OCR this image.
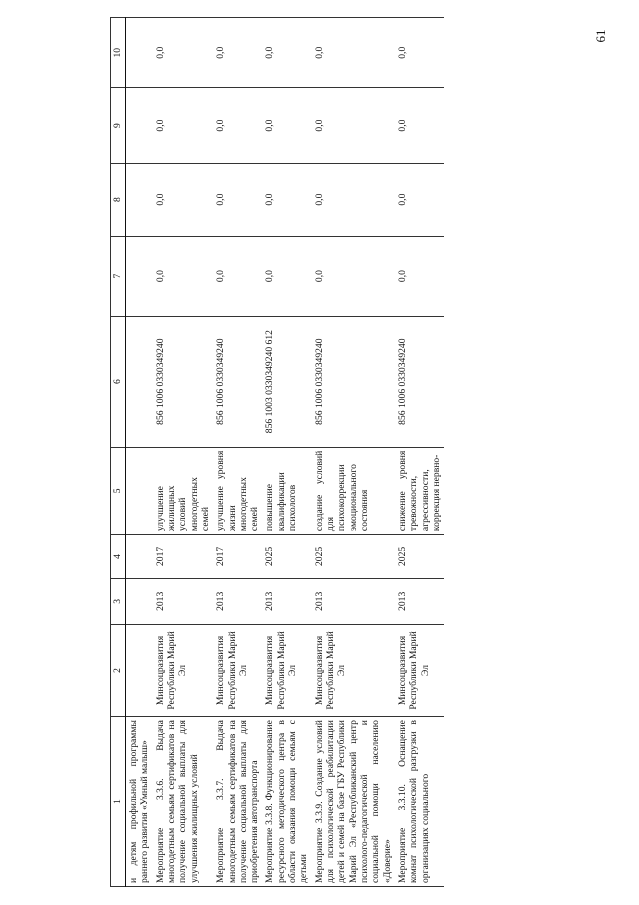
61
1	2	3	4	5	6	7	8	9	10
и детям профильной программы раннего развития «Умный малыш»									
Мероприятие 3.3.6. Выдача многодетным семьям сертификатов на получение социальной выплаты для улучшения жилищных условий	Минсоцразвития Республики Марий Эл	2013	2017	улучшение жилищных условий многодетных семей	856 1006 0330349240	0,0	0,0	0,0	0,0
Мероприятие 3.3.7. Выдача многодетным семьям сертификатов на получение социальной выплаты для приобретения автотранспорта	Минсоцразвития Республики Марий Эл	2013	2017	улучшение уровня жизни многодетных семей	856 1006 0330349240	0,0	0,0	0,0	0,0
Мероприятие 3.3.8. Функционирование ресурсного методического центра в области оказания помощи семьям с детьми	Минсоцразвития Республики Марий Эл	2013	2025	повышение квалификации психологов	856 1003 0330349240 612	0,0	0,0	0,0	0,0
Мероприятие 3.3.9. Создание условий для психологической реабилитации детей и семей на базе ГБУ Республики Марий Эл «Республиканский центр психолого-педагогической и социальной помощи населению «Доверие»	Минсоцразвития Республики Марий Эл	2013	2025	создание условий для психокоррекции эмоционального состояния	856 1006 0330349240	0,0	0,0	0,0	0,0
Мероприятие 3.3.10. Оснащение комнат психологической разгрузки в организациях социального	Минсоцразвития Республики Марий Эл	2013	2025	снижение уровня тревожности, агрессивности, коррекция нервно-	856 1006 0330349240	0,0	0,0	0,0	0,0
